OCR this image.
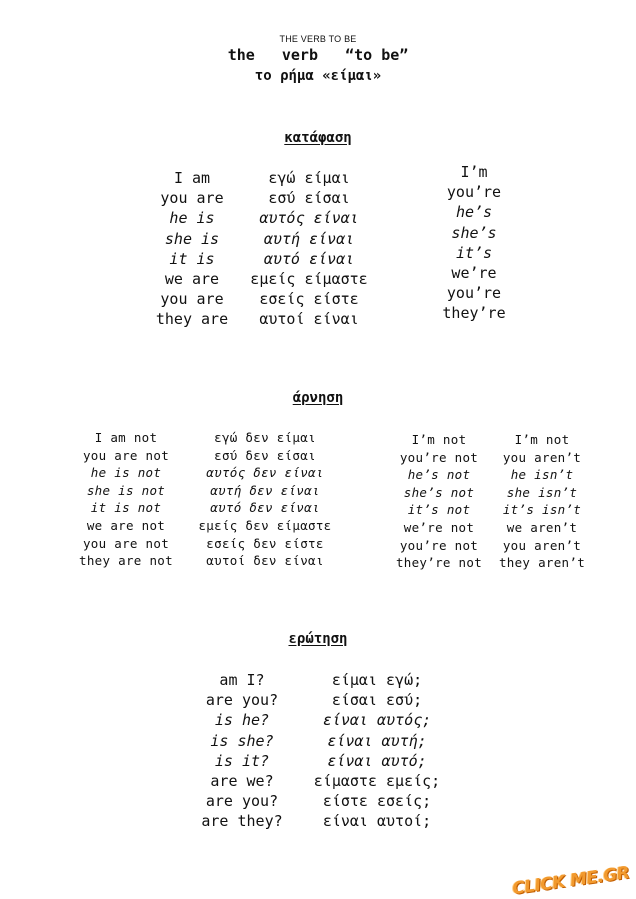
THE VERB TO BE
the   verb   “to be”
το ρήμα «είμαι»
κατάφαση
I am
you are
he is
she is
it is
we are
you are
they are
εγώ είμαι
εσύ είσαι
αυτός είναι
αυτή είναι
αυτό είναι
εμείς είμαστε
εσείς είστε
αυτοί είναι
I’m
you’re
he’s
she’s
it’s
we’re
you’re
they’re
άρνηση
I am not
you are not
he is not
she is not
it is not
we are not
you are not
they are not
εγώ δεν είμαι
εσύ δεν είσαι
αυτός δεν είναι
αυτή δεν είναι
αυτό δεν είναι
εμείς δεν είμαστε
εσείς δεν είστε
αυτοί δεν είναι
I’m not
you’re not
he’s not
she’s not
it’s not
we’re not
you’re not
they’re not
I’m not
you aren’t
he isn’t
she isn’t
it’s isn’t
we aren’t
you aren’t
they aren’t
ερώτηση
am I?
are you?
is he?
is she?
is it?
are we?
are you?
are they?
είμαι εγώ;
είσαι εσύ;
είναι αυτός;
είναι αυτή;
είναι αυτό;
είμαστε εμείς;
είστε εσείς;
είναι αυτοί;
CLICK ME.GR
